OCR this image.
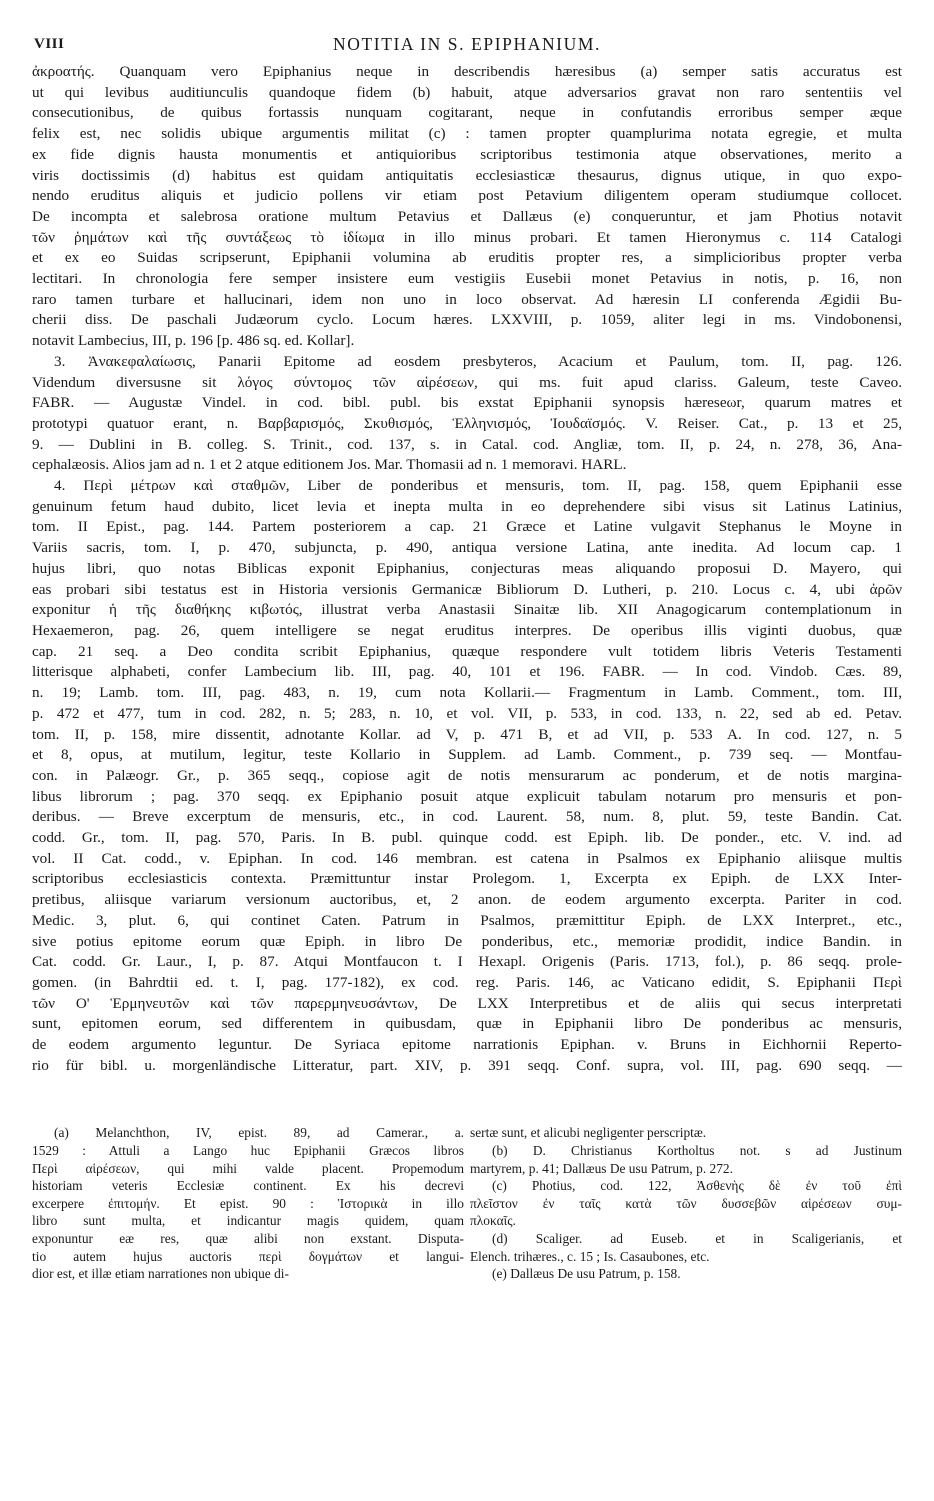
VIII	NOTITIA IN S. EPIPHANIUM.
ἀκροατής. Quanquam vero Epiphanius neque in describendis hæresibus (a) semper satis accuratus est
ut qui levibus auditiunculis quandoque fidem (b) habuit, atque adversarios gravat non raro sententiis vel
consecutionibus, de quibus fortassis nunquam cogitarant, neque in confutandis erroribus semper æque
felix est, nec solidis ubique argumentis militat (c) : tamen propter quamplurima notata egregie, et multa
ex fide dignis hausta monumentis et antiquioribus scriptoribus testimonia atque observationes, merito a
viris doctissimis (d) habitus est quidam antiquitatis ecclesiasticæ thesaurus, dignus utique, in quo expo-
nendo eruditus aliquis et judicio pollens vir etiam post Petavium diligentem operam studiumque collocet.
De incompta et salebrosa oratione multum Petavius et Dallæus (e) conqueruntur, et jam Photius notavit
τῶν ῥημάτων καὶ τῆς συντάξεως τὸ ἰδίωμα in illo minus probari. Et tamen Hieronymus c. 114 Catalogi
et ex eo Suidas scripserunt, Epiphanii volumina ab eruditis propter res, a simplicioribus propter verba
lectitari. In chronologia fere semper insistere eum vestigiis Eusebii monet Petavius in notis, p. 16, non
raro tamen turbare et hallucinari, idem non uno in loco observat. Ad hæresin LI conferenda Ægidii Bu-
cherii diss. De paschali Judæorum cyclo. Locum hæres. LXXVIII, p. 1059, aliter legi in ms. Vindobonensi,
notavit Lambecius, III, p. 196 [p. 486 sq. ed. Kollar].
3. Ἀνακεφαλαίωσις, Panarii Epitome ad eosdem presbyteros, Acacium et Paulum, tom. II, pag. 126.
Videndum diversusne sit λόγος σύντομος τῶν αἱρέσεων, qui ms. fuit apud clariss. Galeum, teste Caveo.
FABR. — Augustæ Vindel. in cod. bibl. publ. bis exstat Epiphanii synopsis hæreseωr, quarum matres et
prototypi quatuor erant, n. Βαρβαρισμός, Σκυθισμός, Ἑλληνισμός, Ἰουδαϊσμός. V. Reiser. Cat., p. 13 et 25,
9. — Dublini in B. colleg. S. Trinit., cod. 137, s. in Catal. cod. Angliæ, tom. II, p. 24, n. 278, 36, Ana-
cephalæosis. Alios jam ad n. 1 et 2 atque editionem Jos. Mar. Thomasii ad n. 1 memoravi. HARL.
4. Περὶ μέτρων καὶ σταθμῶν, Liber de ponderibus et mensuris, tom. II, pag. 158, quem Epiphanii esse
genuinum fetum haud dubito, licet levia et inepta multa in eo deprehendere sibi visus sit Latinus Latinius,
tom. II Epist., pag. 144. Partem posteriorem a cap. 21 Græce et Latine vulgavit Stephanus le Moyne in
Variis sacris, tom. I, p. 470, subjuncta, p. 490, antiqua versione Latina, ante inedita. Ad locum cap. 1
hujus libri, quo notas Biblicas exponit Epiphanius, conjecturas meas aliquando proposui D. Mayero, qui
eas probari sibi testatus est in Historia versionis Germanicæ Bibliorum D. Lutheri, p. 210. Locus c. 4, ubi ἀρῶν
exponitur ἡ τῆς διαθήκης κιβωτός, illustrat verba Anastasii Sinaitæ lib. XII Anagogicarum contemplationum in
Hexaemeron, pag. 26, quem intelligere se negat eruditus interpres. De operibus illis viginti duobus, quæ
cap. 21 seq. a Deo condita scribit Epiphanius, quæque respondere vult totidem libris Veteris Testamenti
litterisque alphabeti, confer Lambecium lib. III, pag. 40, 101 et 196. FABR. — In cod. Vindob. Cæs. 89,
n. 19; Lamb. tom. III, pag. 483, n. 19, cum nota Kollarii.— Fragmentum in Lamb. Comment., tom. III,
p. 472 et 477, tum in cod. 282, n. 5; 283, n. 10, et vol. VII, p. 533, in cod. 133, n. 22, sed ab ed. Petav.
tom. II, p. 158, mire dissentit, adnotante Kollar. ad V, p. 471 B, et ad VII, p. 533 A. In cod. 127, n. 5
et 8, opus, at mutilum, legitur, teste Kollario in Supplem. ad Lamb. Comment., p. 739 seq. — Montfau-
con. in Palæogr. Gr., p. 365 seqq., copiose agit de notis mensurarum ac ponderum, et de notis margina-
libus librorum ; pag. 370 seqq. ex Epiphanio posuit atque explicuit tabulam notarum pro mensuris et pon-
deribus. — Breve excerptum de mensuris, etc., in cod. Laurent. 58, num. 8, plut. 59, teste Bandin. Cat.
codd. Gr., tom. II, pag. 570, Paris. In B. publ. quinque codd. est Epiph. lib. De ponder., etc. V. ind. ad
vol. II Cat. codd., v. Epiphan. In cod. 146 membran. est catena in Psalmos ex Epiphanio aliisque multis
scriptoribus ecclesiasticis contexta. Præmittuntur instar Prolegom. 1, Excerpta ex Epiph. de LXX Inter-
pretibus, aliisque variarum versionum auctoribus, et, 2 anon. de eodem argumento excerpta. Pariter in cod.
Medic. 3, plut. 6, qui continet Caten. Patrum in Psalmos, præmittitur Epiph. de LXX Interpret., etc.,
sive potius epitome eorum quæ Epiph. in libro De ponderibus, etc., memoriæ prodidit, indice Bandin. in
Cat. codd. Gr. Laur., I, p. 87. Atqui Montfaucon t. I Hexapl. Origenis (Paris. 1713, fol.), p. 86 seqq. prole-
gomen. (in Bahrdtii ed. t. I, pag. 177-182), ex cod. reg. Paris. 146, ac Vaticano edidit, S. Epiphanii Περὶ
τῶν Ο' Ἑρμηνευτῶν καὶ τῶν παρερμηνευσάντων, De LXX Interpretibus et de aliis qui secus interpretati
sunt, epitomen eorum, sed differentem in quibusdam, quæ in Epiphanii libro De ponderibus ac mensuris,
de eodem argumento leguntur. De Syriaca epitome narrationis Epiphan. v. Bruns in Eichhornii Reperto-
rio für bibl. u. morgenländische Litteratur, part. XIV, p. 391 seqq. Conf. supra, vol. III, pag. 690 seqq. —
(a) Melanchthon, IV, epist. 89, ad Camerar., a.
1529 : Attuli a Lango huc Epiphanii Græcos libros
Περὶ αἱρέσεων, qui mihi valde placent. Propemodum
historiam veteris Ecclesiæ continent. Ex his decrevi
excerpere ἐπιτομήν. Et epist. 90 : Ἱστορικὰ in illo
libro sunt multa, et indicantur magis quidem, quam
exponuntur eæ res, quæ alibi non exstant. Disputa-
tio autem hujus auctoris περὶ δογμάτων et langui-
dior est, et illæ etiam narrationes non ubique di-
sertæ sunt, et alicubi negligenter perscriptæ.
(b) D. Christianus Kortholtus not. s ad Justinum
martyrem, p. 41; Dallæus De usu Patrum, p. 272.
(c) Photius, cod. 122, Ἀσθενὴς δὲ ἐν τοῦ ἐπὶ
πλεῖστον ἐν ταῖς κατὰ τῶν δυσσεβῶν αἱρέσεων συμ-
πλοκαῖς.
(d) Scaliger. ad Euseb. et in Scaligerianis, et
Elench. trihæres., c. 15 ; Is. Casaubones, etc.
(e) Dallæus De usu Patrum, p. 158.
